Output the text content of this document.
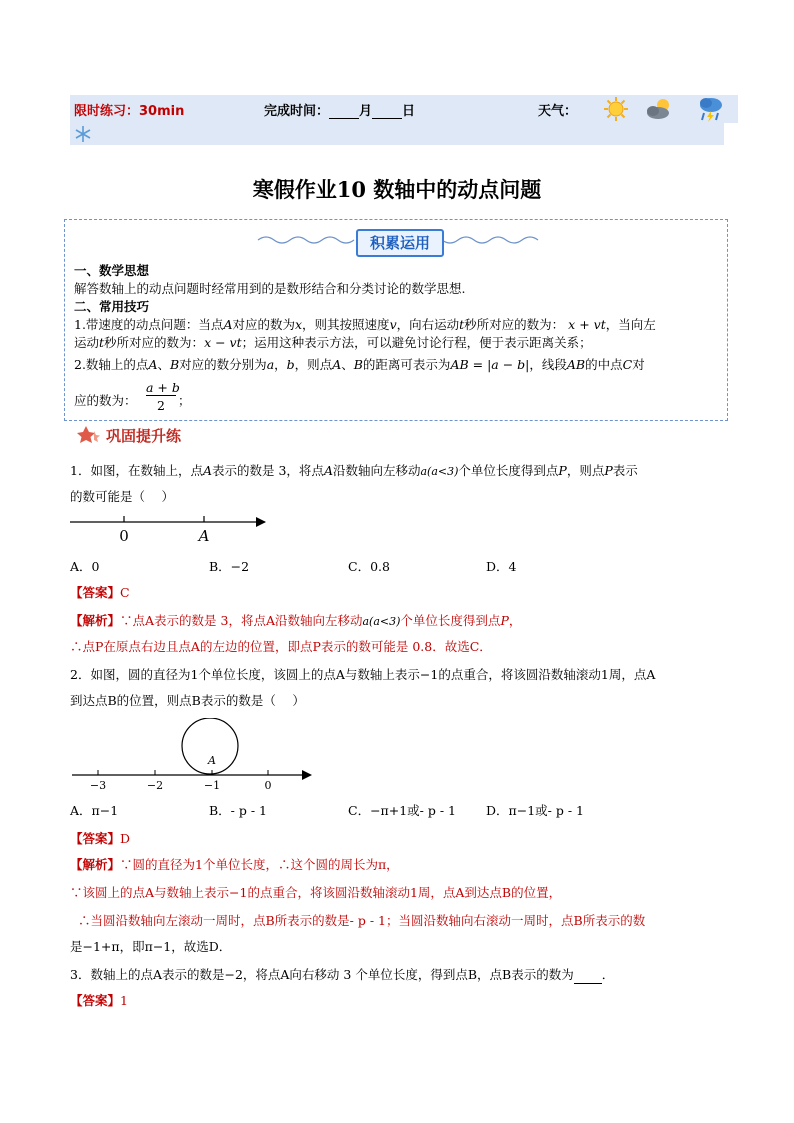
限时练习：30min	完成时间： 月 日	天气：
寒假作业10 数轴中的动点问题
积累运用
一、数学思想
解答数轴上的动点问题时经常用到的是数形结合和分类讨论的数学思想.
二、常用技巧
1.带速度的动点问题：当点A对应的数为x，则其按照速度v，向右运动t秒所对应的数为： x + vt，当向左
运动t秒所对应的数为：x − vt；运用这种表示方法，可以避免讨论行程，便于表示距离关系；
2.数轴上的点A、B对应的数分别为a，b，则点A、B的距离可表示为AB = |a − b|，线段AB的中点C对
应的数为：
a + b
2	；
巩固提升练
1．如图，在数轴上，点A表示的数是 3，将点A沿数轴向左移动a(a<3)个单位长度得到点P，则点P表示
的数可能是（　 ）
0	A
A．0	B．−2	C．0.8	D．4
【答案】C
【解析】∵点A表示的数是 3，将点A沿数轴向左移动a(a<3)个单位长度得到点P，
∴点P在原点右边且点A的左边的位置，即点P表示的数可能是 0.8．故选C．
2．如图，圆的直径为1个单位长度，该圆上的点A与数轴上表示−1的点重合，将该圆沿数轴滚动1周，点A
到达点B的位置，则点B表示的数是（　 ）
A
−3	−2	−1	0
A．π−1	B．- p - 1	C．−π+1或- p - 1 D．π−1或- p - 1
【答案】D
【解析】∵圆的直径为1个单位长度，∴这个圆的周长为π，
∵该圆上的点A与数轴上表示−1的点重合，将该圆沿数轴滚动1周，点A到达点B的位置，
∴当圆沿数轴向左滚动一周时，点B所表示的数是- p - 1；当圆沿数轴向右滚动一周时，点B所表示的数
是−1+π，即π−1，故选D．
3．数轴上的点A表示的数是−2，将点A向右移动 3 个单位长度，得到点B，点B表示的数为 ．
【答案】1
